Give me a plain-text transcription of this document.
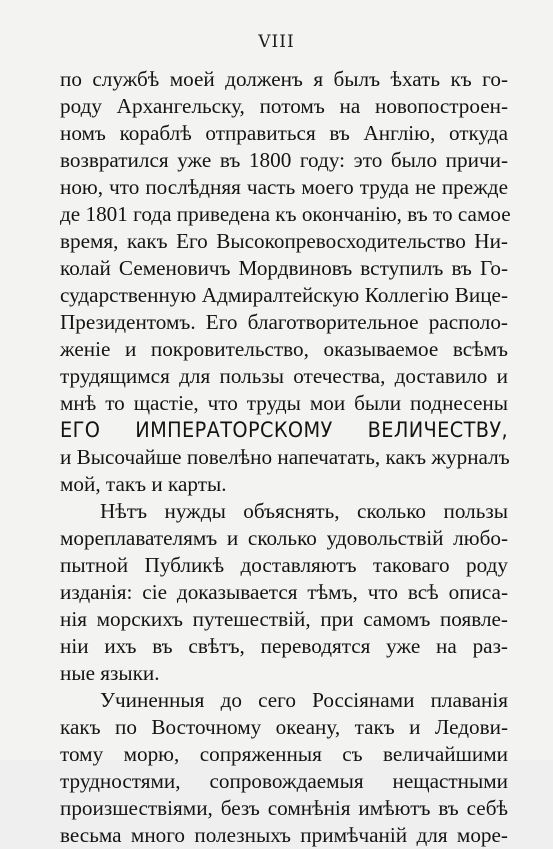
VIII
по службѣ моей долженъ я былъ ѣхать къ го-
роду Архангельску, потомъ на новопостроен-
номъ кораблѣ отправиться въ Англію, откуда
возвратился уже въ 1800 году: это было причи-
ною, что послѣдняя часть моего труда не прежде
де 1801 года приведена къ окончанію, въ то самое
время, какъ Его Высокопревосходительство Ни-
колай Семеновичъ Мордвиновъ вступилъ въ Го-
сударственную Адмиралтейскую Коллегію Вице-
Президентомъ. Его благотворительное располо-
женіе и покровительство, оказываемое всѣмъ
трудящимся для пользы отечества, доставило и
мнѣ то щастіе, что труды мои были поднесены
ЕГО ИМПЕРАТОРСКОМУ ВЕЛИЧЕСТВУ,
и Высочайше повелѣно напечатать, какъ журналъ
мой, такъ и карты.
Нѣтъ нужды объяснять, сколько пользы
мореплавателямъ и сколько удовольствій любо-
пытной Публикѣ доставляютъ таковаго роду
изданія: сіе доказывается тѣмъ, что всѣ описа-
нія морскихъ путешествій, при самомъ появле-
ніи ихъ въ свѣтъ, переводятся уже на раз-
ные языки.
Учиненныя до сего Россіянами плаванія
какъ по Восточному океану, такъ и Ледови-
тому морю, сопряженныя съ величайшими
трудностями, сопровождаемыя нещастными
произшествіями, безъ сомнѣнія имѣютъ въ себѣ
весьма много полезныхъ примѣчаній для море-
